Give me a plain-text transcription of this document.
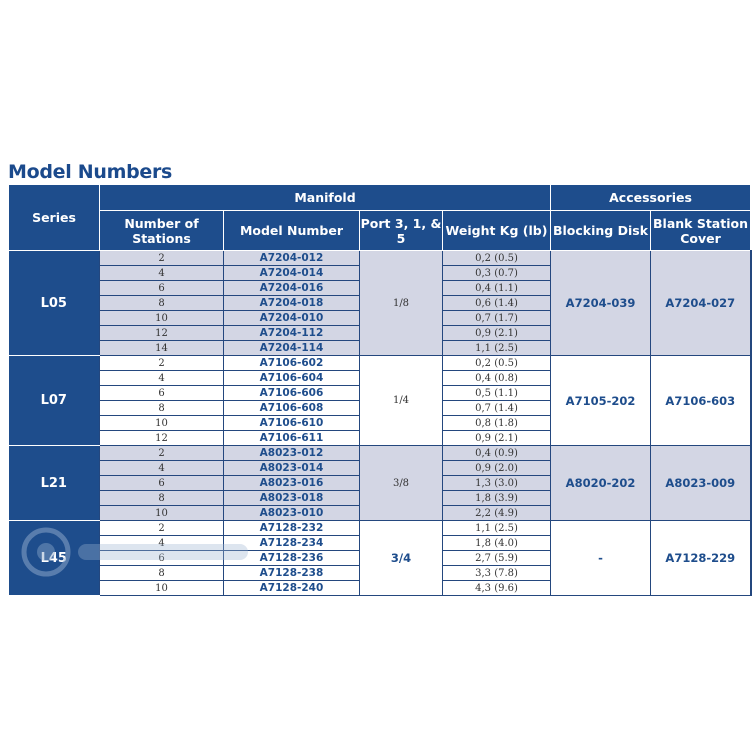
Model Numbers
Series	Manifold				Accessories	
	Number of Stations	Model Number	Port 3, 1, & 5	Weight Kg (lb)	Blocking Disk	Blank Station Cover
L05	2	A7204-012	1/8	0,2 (0.5)	A7204-039	A7204-027
	4	A7204-014		0,3 (0.7)		
	6	A7204-016		0,4 (1.1)		
	8	A7204-018		0,6 (1.4)		
	10	A7204-010		0,7 (1.7)		
	12	A7204-112		0,9 (2.1)		
	14	A7204-114		1,1 (2.5)		
L07	2	A7106-602	1/4	0,2 (0.5)	A7105-202	A7106-603
	4	A7106-604		0,4 (0.8)		
	6	A7106-606		0,5 (1.1)		
	8	A7106-608		0,7 (1.4)		
	10	A7106-610		0,8 (1.8)		
	12	A7106-611		0,9 (2.1)		
L21	2	A8023-012	3/8	0,4 (0.9)	A8020-202	A8023-009
	4	A8023-014		0,9 (2.0)		
	6	A8023-016		1,3 (3.0)		
	8	A8023-018		1,8 (3.9)		
	10	A8023-010		2,2 (4.9)		
L45	2	A7128-232	3/4	1,1 (2.5)	-	A7128-229
	4	A7128-234		1,8 (4.0)		
	6	A7128-236		2,7 (5.9)		
	8	A7128-238		3,3 (7.8)		
	10	A7128-240		4,3 (9.6)		
